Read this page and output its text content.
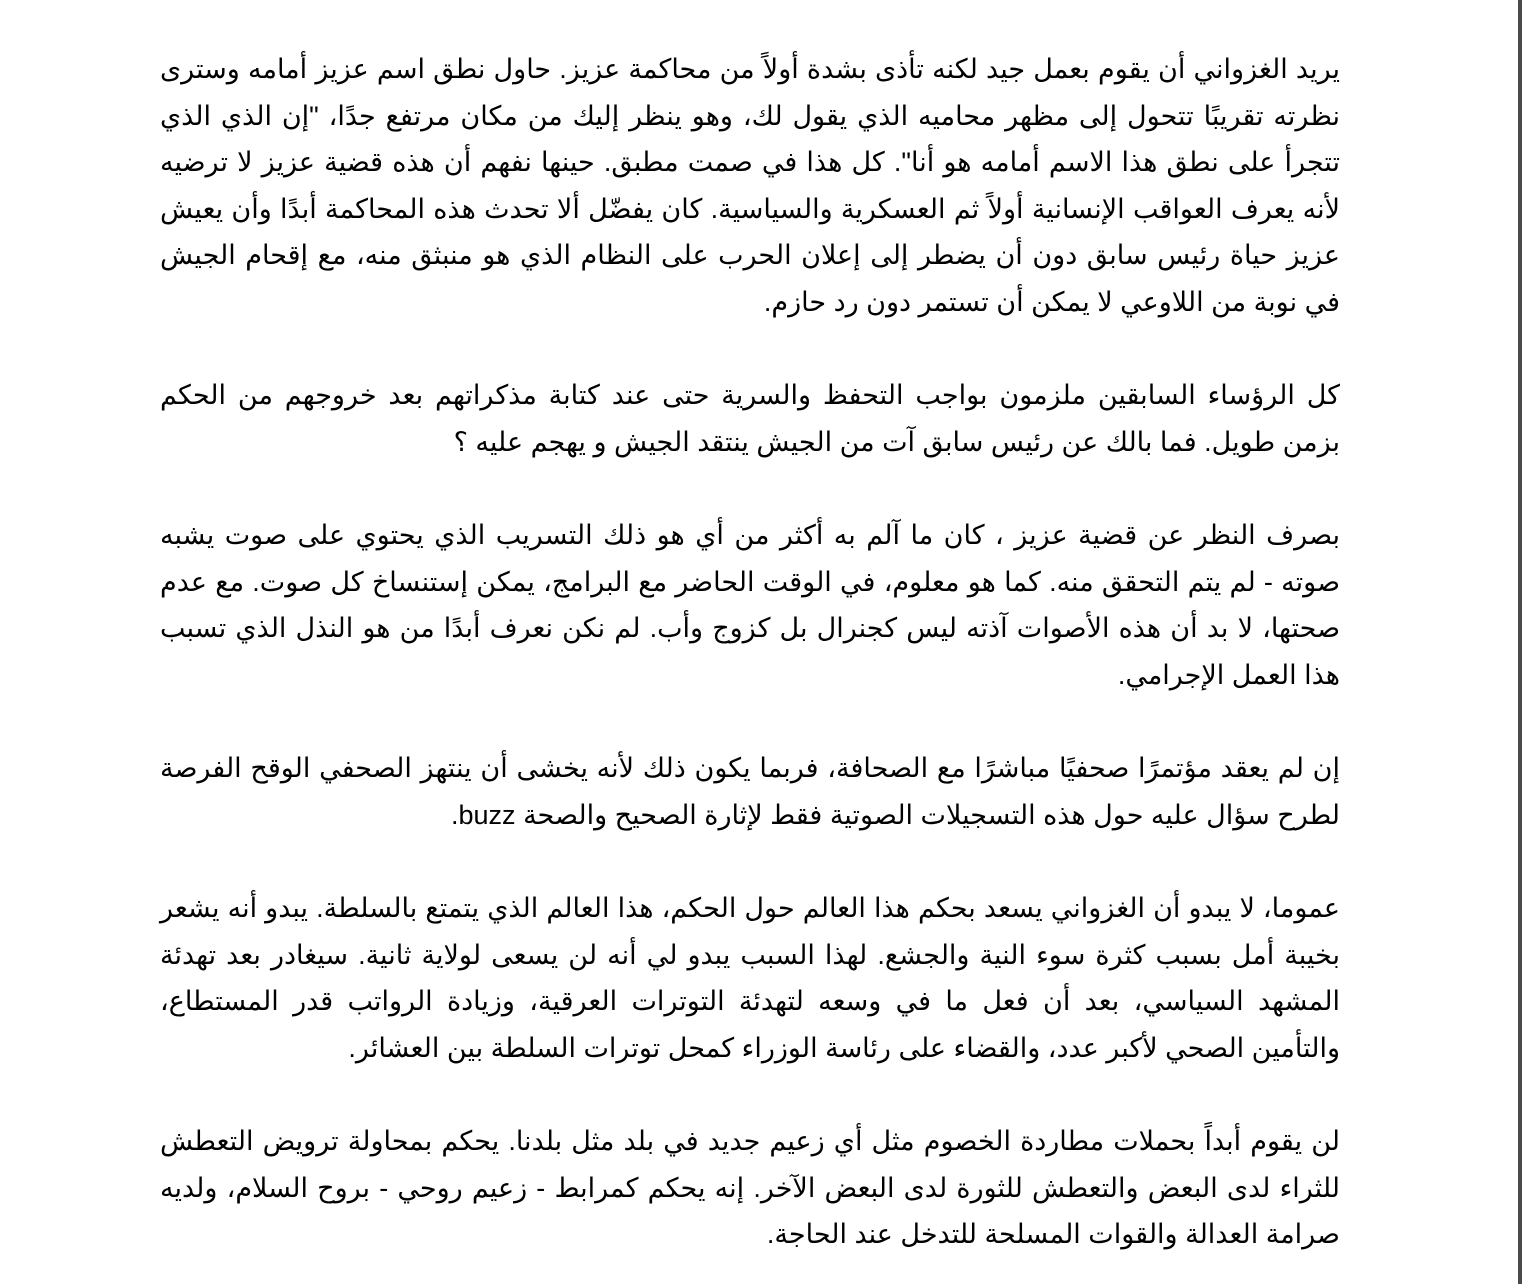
يريد الغزواني أن يقوم بعمل جيد لكنه تأذى بشدة أولاً من محاكمة عزيز. حاول نطق اسم عزيز أمامه وسترى نظرته تقريبًا تتحول إلى مظهر محاميه الذي يقول لك، وهو ينظر إليك من مكان مرتفع جدًا، "إن الذي الذي تتجرأ على نطق هذا الاسم أمامه هو أنا". كل هذا في صمت مطبق. حينها نفهم أن هذه قضية عزيز لا ترضيه لأنه يعرف العواقب الإنسانية أولاً ثم العسكرية والسياسية. كان يفضّل ألا تحدث هذه المحاكمة أبدًا وأن يعيش عزيز حياة رئيس سابق دون أن يضطر إلى إعلان الحرب على النظام الذي هو منبثق منه، مع إقحام الجيش في نوبة من اللاوعي لا يمكن أن تستمر دون رد حازم.

كل الرؤساء السابقين ملزمون بواجب التحفظ والسرية حتى عند كتابة مذكراتهم بعد خروجهم من الحكم بزمن طويل. فما بالك عن رئيس سابق آت من الجيش ينتقد الجيش و يهجم عليه ؟

بصرف النظر عن قضية عزيز ، كان ما آلم به أكثر من أي هو ذلك التسريب الذي يحتوي على صوت يشبه صوته - لم يتم التحقق منه. كما هو معلوم، في الوقت الحاضر مع البرامج، يمكن إستنساخ كل صوت. مع عدم صحتها، لا بد أن هذه الأصوات آذته ليس كجنرال بل كزوج وأب. لم نكن نعرف أبدًا من هو النذل الذي تسبب هذا العمل الإجرامي.

إن لم يعقد مؤتمرًا صحفيًا مباشرًا مع الصحافة، فربما يكون ذلك لأنه يخشى أن ينتهز الصحفي الوقح الفرصة لطرح سؤال عليه حول هذه التسجيلات الصوتية فقط لإثارة الصحيح والصحة buzz.

عموما، لا يبدو أن الغزواني يسعد بحكم هذا العالم حول الحكم، هذا العالم الذي يتمتع بالسلطة. يبدو أنه يشعر بخيبة أمل بسبب كثرة سوء النية والجشع. لهذا السبب يبدو لي أنه لن يسعى لولاية ثانية. سيغادر بعد تهدئة المشهد السياسي، بعد أن فعل ما في وسعه لتهدئة التوترات العرقية، وزيادة الرواتب قدر المستطاع، والتأمين الصحي لأكبر عدد، والقضاء على رئاسة الوزراء كمحل توترات السلطة بين العشائر.

لن يقوم أبداً بحملات مطاردة الخصوم مثل أي زعيم جديد في بلد مثل بلدنا. يحكم بمحاولة ترويض التعطش للثراء لدى البعض والتعطش للثورة لدى البعض الآخر. إنه يحكم كمرابط - زعيم روحي - بروح السلام، ولديه صرامة العدالة والقوات المسلحة للتدخل عند الحاجة.
